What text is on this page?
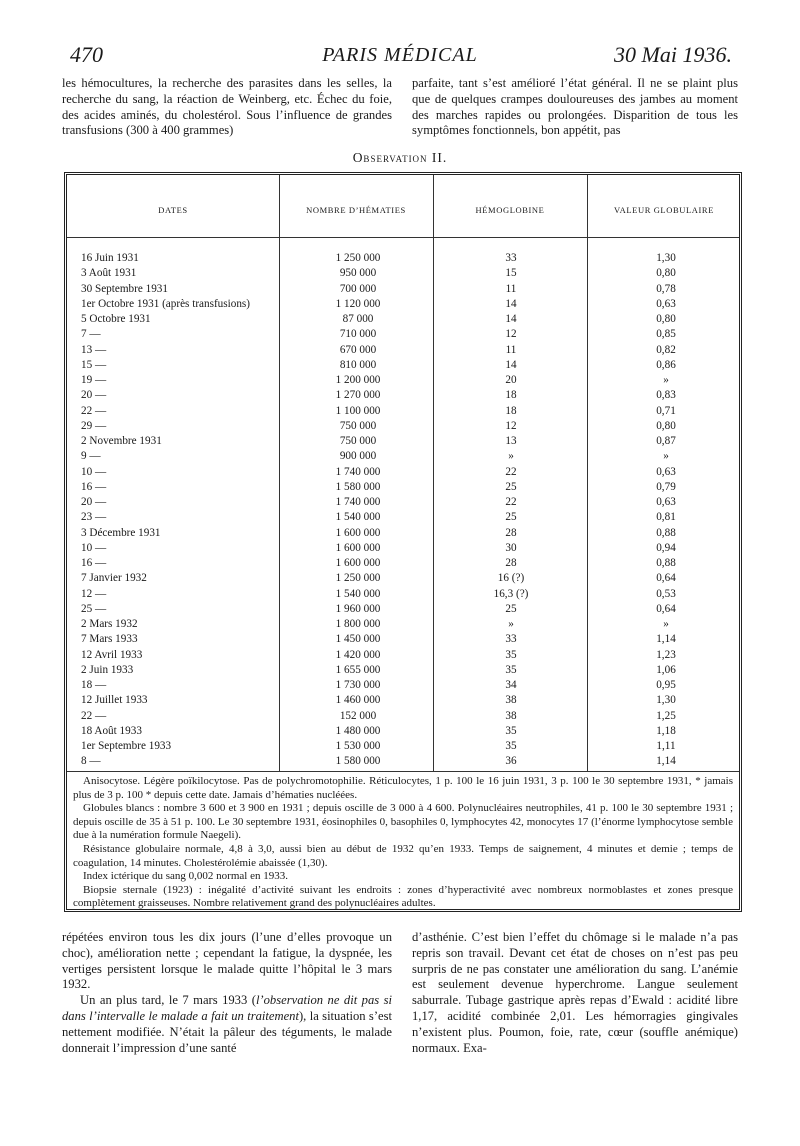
470	PARIS MÉDICAL	30 Mai 1936.

les hémocultures, la recherche des parasites dans les selles, la recherche du sang, la réaction de Weinberg, etc. Échec du foie, des acides aminés, du cholestérol. Sous l’influence de grandes transfusions (300 à 400 grammes)

parfaite, tant s’est amélioré l’état général. Il ne se plaint plus que de quelques crampes douloureuses des jambes au moment des marches rapides ou prolongées. Disparition de tous les symptômes fonctionnels, bon appétit, pas

Observation II.
DATES	NOMBRE D’HÉMATIES	HÉMOGLOBINE	VALEUR GLOBULAIRE
16 Juin 1931	1 250 000	33	1,30
3 Août 1931	950 000	15	0,80
30 Septembre 1931	700 000	11	0,78
1er Octobre 1931 (après transfusions)	1 120 000	14	0,63
5 Octobre 1931	87 000	14	0,80
7 —	710 000	12	0,85
13 —	670 000	11	0,82
15 —	810 000	14	0,86
19 —	1 200 000	20	»
20 —	1 270 000	18	0,83
22 —	1 100 000	18	0,71
29 —	750 000	12	0,80
2 Novembre 1931	750 000	13	0,87
9 —	900 000	»	»
10 —	1 740 000	22	0,63
16 —	1 580 000	25	0,79
20 —	1 740 000	22	0,63
23 —	1 540 000	25	0,81
3 Décembre 1931	1 600 000	28	0,88
10 —	1 600 000	30	0,94
16 —	1 600 000	28	0,88
7 Janvier 1932	1 250 000	16 (?)	0,64
12 —	1 540 000	16,3 (?)	0,53
25 —	1 960 000	25	0,64
2 Mars 1932	1 800 000	»	»
7 Mars 1933	1 450 000	33	1,14
12 Avril 1933	1 420 000	35	1,23
2 Juin 1933	1 655 000	35	1,06
18 —	1 730 000	34	0,95
12 Juillet 1933	1 460 000	38	1,30
22 —	152 000	38	1,25
18 Août 1933	1 480 000	35	1,18
1er Septembre 1933	1 530 000	35	1,11
8 —	1 580 000	36	1,14

Anisocytose. Légère poïkilocytose. Pas de polychromotophilie. Réticulocytes, 1 p. 100 le 16 juin 1931, 3 p. 100 le 30 septembre 1931, * jamais plus de 3 p. 100 * depuis cette date. Jamais d’hématies nucléées.

Globules blancs : nombre 3 600 et 3 900 en 1931 ; depuis oscille de 3 000 à 4 600. Polynucléaires neutrophiles, 41 p. 100 le 30 septembre 1931 ; depuis oscille de 35 à 51 p. 100. Le 30 septembre 1931, éosinophiles 0, basophiles 0, lymphocytes 42, monocytes 17 (l’énorme lymphocytose semble due à la numération formule Naegeli).

Résistance globulaire normale, 4,8 à 3,0, aussi bien au début de 1932 qu’en 1933. Temps de saignement, 4 minutes et demie ; temps de coagulation, 14 minutes. Cholestérolémie abaissée (1,30).

Index ictérique du sang 0,002 normal en 1933.

Biopsie sternale (1923) : inégalité d’activité suivant les endroits : zones d’hyperactivité avec nombreux normoblastes et zones presque complètement graisseuses. Nombre relativement grand des polynucléaires adultes.

répétées environ tous les dix jours (l’une d’elles provoque un choc), amélioration nette ; cependant la fatigue, la dyspnée, les vertiges persistent lorsque le malade quitte l’hôpital le 3 mars 1932.

Un an plus tard, le 7 mars 1933 (l’observation ne dit pas si dans l’intervalle le malade a fait un traitement), la situation s’est nettement modifiée. N’était la pâleur des téguments, le malade donnerait l’impression d’une santé

d’asthénie. C’est bien l’effet du chômage si le malade n’a pas repris son travail. Devant cet état de choses on n’est pas peu surpris de ne pas constater une amélioration du sang. L’anémie est seulement devenue hyperchrome. Langue seulement saburrale. Tubage gastrique après repas d’Ewald : acidité libre 1,17, acidité combinée 2,01. Les hémorragies gingivales n’existent plus. Poumon, foie, rate, cœur (souffle anémique) normaux. Exa-
